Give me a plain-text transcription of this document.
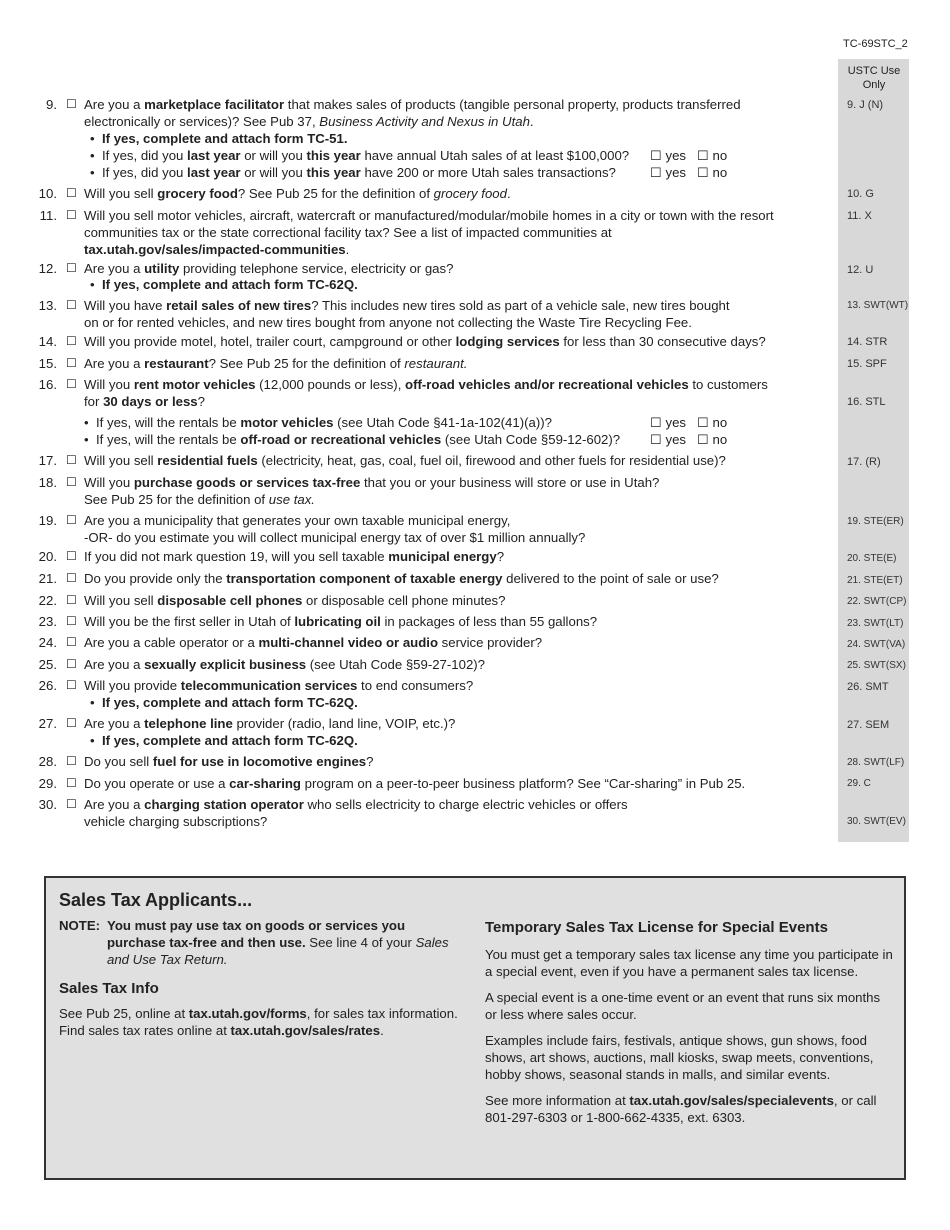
TC-69STC_2
USTC Use Only
9. ☐ Are you a marketplace facilitator that makes sales of products (tangible personal property, products transferred
electronically or services)? See Pub 37, Business Activity and Nexus in Utah.
9. J (N)
• If yes, complete and attach form TC-51.
• If yes, did you last year or will you this year have annual Utah sales of at least $100,000? ☐ yes ☐ no
• If yes, did you last year or will you this year have 200 or more Utah sales transactions?	☐ yes ☐ no
10. ☐ Will you sell grocery food? See Pub 25 for the definition of grocery food.	10. G
11. ☐ Will you sell motor vehicles, aircraft, watercraft or manufactured/modular/mobile homes in a city or town with the resort
communities tax or the state correctional facility tax? See a list of impacted communities at
tax.utah.gov/sales/impacted-communities.
11. X
12. ☐ Are you a utility providing telephone service, electricity or gas?
• If yes, complete and attach form TC-62Q.
12. U
13. ☐ Will you have retail sales of new tires? This includes new tires sold as part of a vehicle sale, new tires bought
on or for rented vehicles, and new tires bought from anyone not collecting the Waste Tire Recycling Fee.
13. SWT(WT)
14. ☐ Will you provide motel, hotel, trailer court, campground or other lodging services for less than 30 consecutive days?	14. STR
15. ☐ Are you a restaurant? See Pub 25 for the definition of restaurant.	15. SPF
16. ☐ Will you rent motor vehicles (12,000 pounds or less), off-road vehicles and/or recreational vehicles to customers
for 30 days or less?	16. STL
• If yes, will the rentals be motor vehicles (see Utah Code §41-1a-102(41)(a))?	☐ yes ☐ no
• If yes, will the rentals be off-road or recreational vehicles (see Utah Code §59-12-602)? ☐ yes ☐ no
17. ☐ Will you sell residential fuels (electricity, heat, gas, coal, fuel oil, firewood and other fuels for residential use)?	17. (R)
18. ☐ Will you purchase goods or services tax-free that you or your business will store or use in Utah?
See Pub 25 for the definition of use tax.
19. ☐ Are you a municipality that generates your own taxable municipal energy,
-OR- do you estimate you will collect municipal energy tax of over $1 million annually?
19. STE(ER)
20. ☐ If you did not mark question 19, will you sell taxable municipal energy?	20. STE(E)
21. ☐ Do you provide only the transportation component of taxable energy delivered to the point of sale or use?	21. STE(ET)
22. ☐ Will you sell disposable cell phones or disposable cell phone minutes?	22. SWT(CP)
23. ☐ Will you be the first seller in Utah of lubricating oil in packages of less than 55 gallons?	23. SWT(LT)
24. ☐ Are you a cable operator or a multi-channel video or audio service provider?	24. SWT(VA)
25. ☐ Are you a sexually explicit business (see Utah Code §59-27-102)?	25. SWT(SX)
26. ☐ Will you provide telecommunication services to end consumers?
• If yes, complete and attach form TC-62Q.
26. SMT
27. ☐ Are you a telephone line provider (radio, land line, VOIP, etc.)?
• If yes, complete and attach form TC-62Q.
27. SEM
28. ☐ Do you sell fuel for use in locomotive engines?	28. SWT(LF)
29. ☐ Do you operate or use a car-sharing program on a peer-to-peer business platform? See “Car-sharing” in Pub 25.	29. C
30. ☐ Are you a charging station operator who sells electricity to charge electric vehicles or offers
vehicle charging subscriptions?	30. SWT(EV)
Sales Tax Applicants...
NOTE: You must pay use tax on goods or services you purchase tax-free and then use. See line 4 of your Sales and Use Tax Return.
Sales Tax Info

See Pub 25, online at tax.utah.gov/forms, for sales tax information. Find sales tax rates online at tax.utah.gov/sales/rates.

Temporary Sales Tax License for Special Events

You must get a temporary sales tax license any time you participate in a special event, even if you have a permanent sales tax license.

A special event is a one-time event or an event that runs six months or less where sales occur.

Examples include fairs, festivals, antique shows, gun shows, food shows, art shows, auctions, mall kiosks, swap meets, conventions, hobby shows, seasonal stands in malls, and similar events.

See more information at tax.utah.gov/sales/specialevents, or call 801-297-6303 or 1-800-662-4335, ext. 6303.
